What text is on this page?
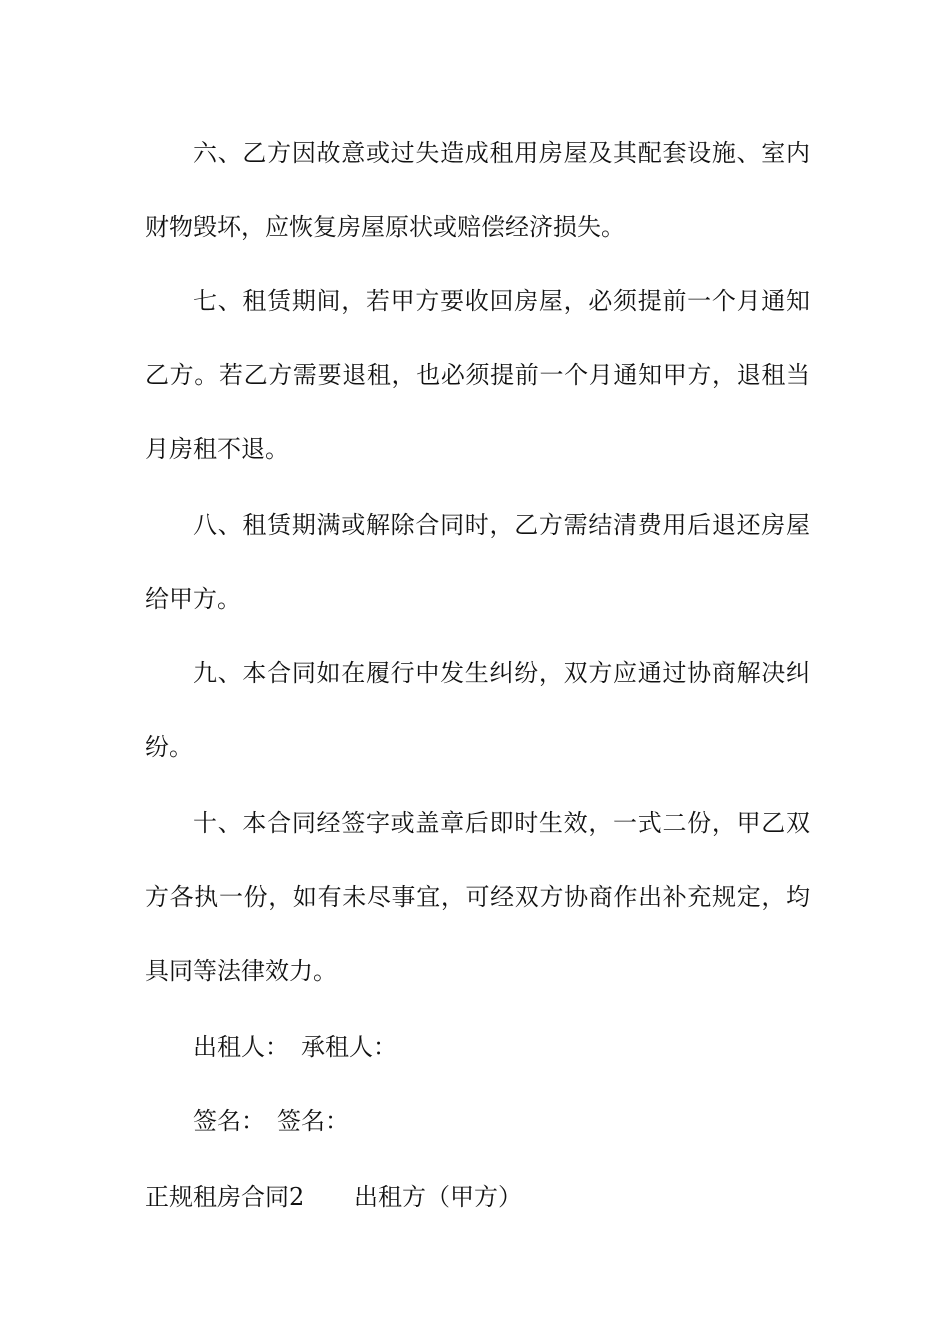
六、乙方因故意或过失造成租用房屋及其配套设施、室内
财物毁坏，应恢复房屋原状或赔偿经济损失。
七、租赁期间，若甲方要收回房屋，必须提前一个月通知
乙方。若乙方需要退租，也必须提前一个月通知甲方，退租当
月房租不退。
八、租赁期满或解除合同时，乙方需结清费用后退还房屋
给甲方。
九、本合同如在履行中发生纠纷，双方应通过协商解决纠
纷。
十、本合同经签字或盖章后即时生效，一式二份，甲乙双
方各执一份，如有未尽事宜，可经双方协商作出补充规定，均
具同等法律效力。
出租人： 承租人：
签名： 签名：
正规租房合同2 出租方（甲方）
